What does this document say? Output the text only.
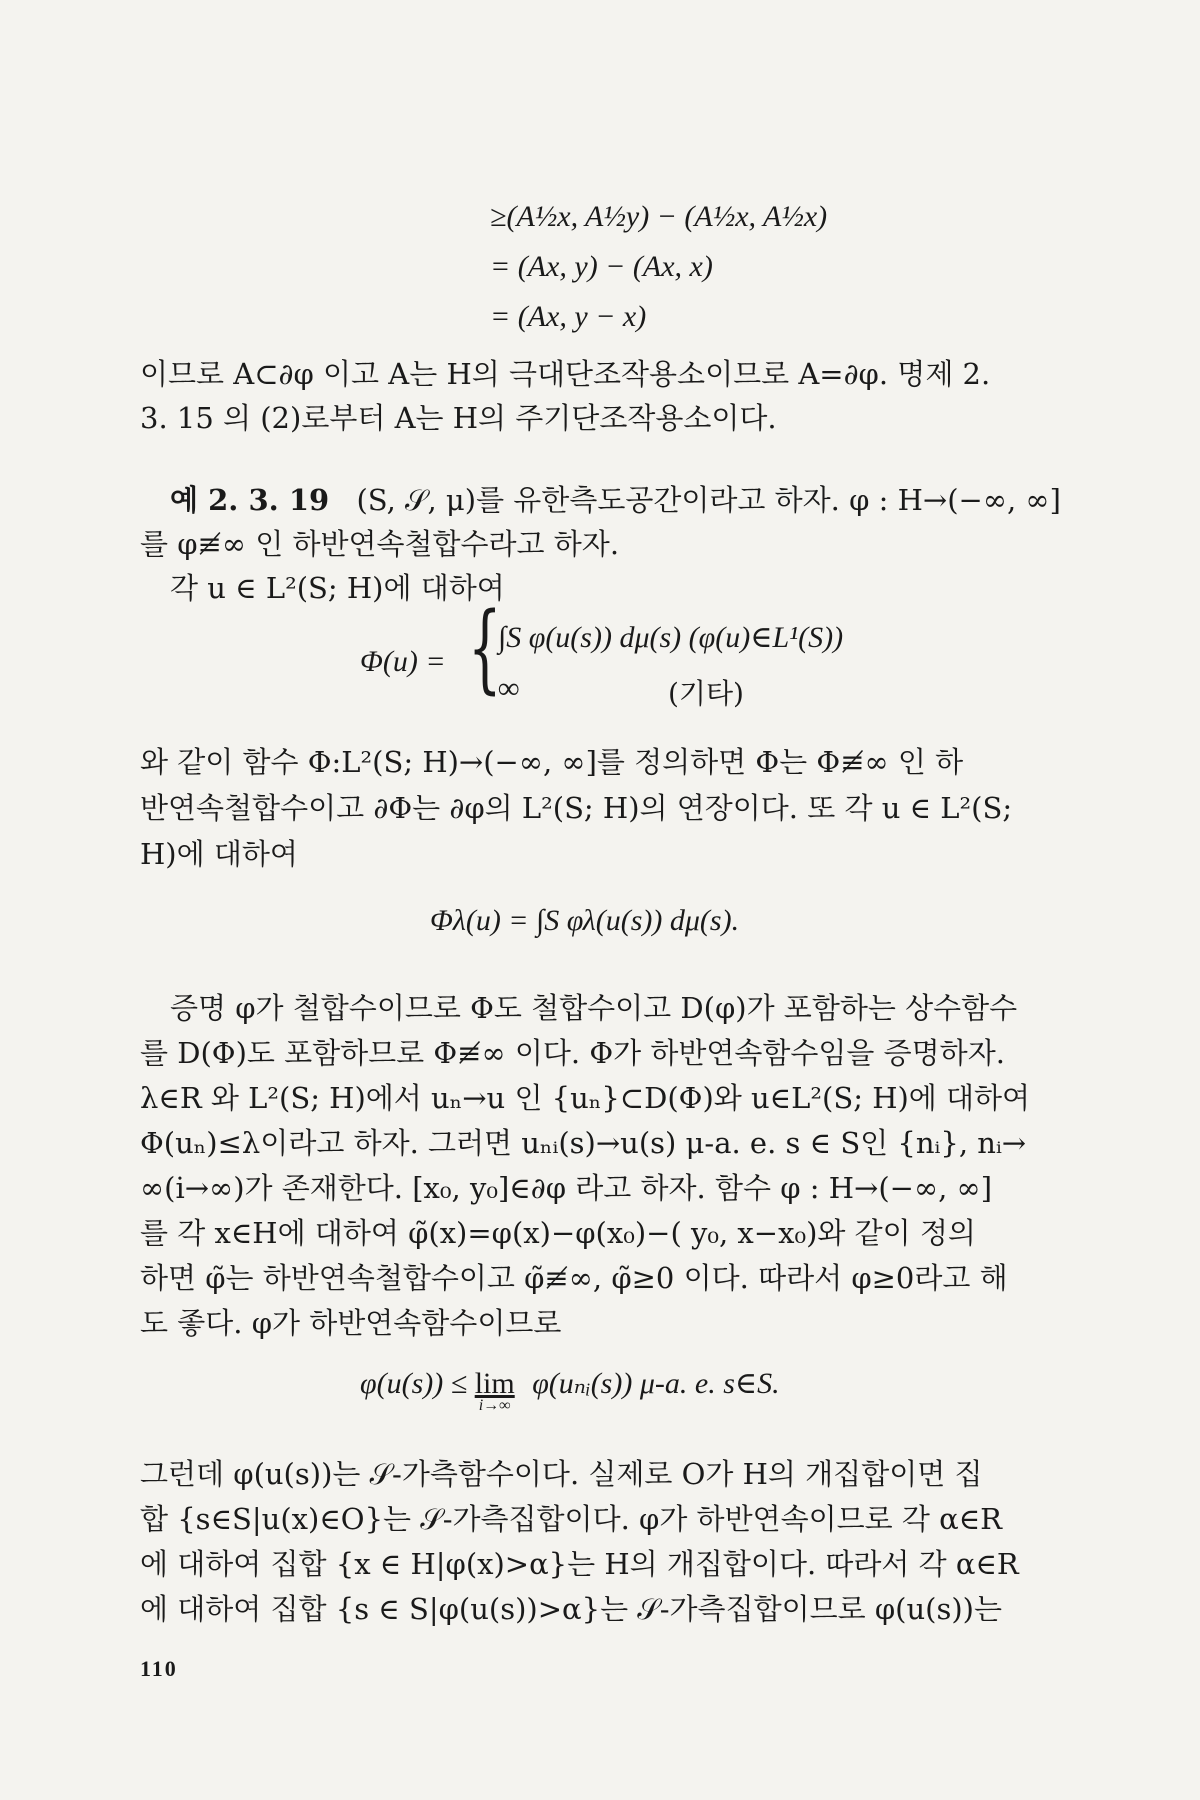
≥(A½x, A½y) − (A½x, A½x)
= (Ax, y) − (Ax, x)
= (Ax, y − x)
이므로 A⊂∂φ 이고 A는 H의 극대단조작용소이므로 A=∂φ. 명제 2.
3. 15 의 (2)로부터 A는 H의 주기단조작용소이다.
예 2. 3. 19 (S, 𝒮, μ)를 유한측도공간이라고 하자. φ : H→(−∞, ∞]
를 φ≢∞ 인 하반연속철합수라고 하자.
각 u ∈ L²(S; H)에 대하여
Φ(u) = {
∫S φ(u(s)) dμ(s) (φ(u)∈L¹(S))
∞	(기타)
와 같이 함수 Φ:L²(S; H)→(−∞, ∞]를 정의하면 Φ는 Φ≢∞ 인 하
반연속철합수이고 ∂Φ는 ∂φ의 L²(S; H)의 연장이다. 또 각 u ∈ L²(S;
H)에 대하여
Φλ(u) = ∫S φλ(u(s)) dμ(s).
증명 φ가 철합수이므로 Φ도 철합수이고 D(φ)가 포함하는 상수함수
를 D(Φ)도 포함하므로 Φ≢∞ 이다. Φ가 하반연속함수임을 증명하자.
λ∈R 와 L²(S; H)에서 uₙ→u 인 {uₙ}⊂D(Φ)와 u∈L²(S; H)에 대하여
Φ(uₙ)≤λ이라고 하자. 그러면 uₙᵢ(s)→u(s) μ-a. e. s ∈ S인 {nᵢ}, nᵢ→
∞(i→∞)가 존재한다. [x₀, y₀]∈∂φ 라고 하자. 함수 φ : H→(−∞, ∞]
를 각 x∈H에 대하여 φ̃(x)=φ(x)−φ(x₀)−( y₀, x−x₀)와 같이 정의
하면 φ̃는 하반연속철합수이고 φ̃≢∞, φ̃≥0 이다. 따라서 φ≥0라고 해
도 좋다. φ가 하반연속함수이므로
φ(u(s)) ≤ lim
i→∞
φ(uₙᵢ(s)) μ-a. e. s∈S.
그런데 φ(u(s))는 𝒮-가측함수이다. 실제로 O가 H의 개집합이면 집
합 {s∈S|u(x)∈O}는 𝒮-가측집합이다. φ가 하반연속이므로 각 α∈R
에 대하여 집합 {x ∈ H|φ(x)>α}는 H의 개집합이다. 따라서 각 α∈R
에 대하여 집합 {s ∈ S|φ(u(s))>α}는 𝒮-가측집합이므로 φ(u(s))는
110
